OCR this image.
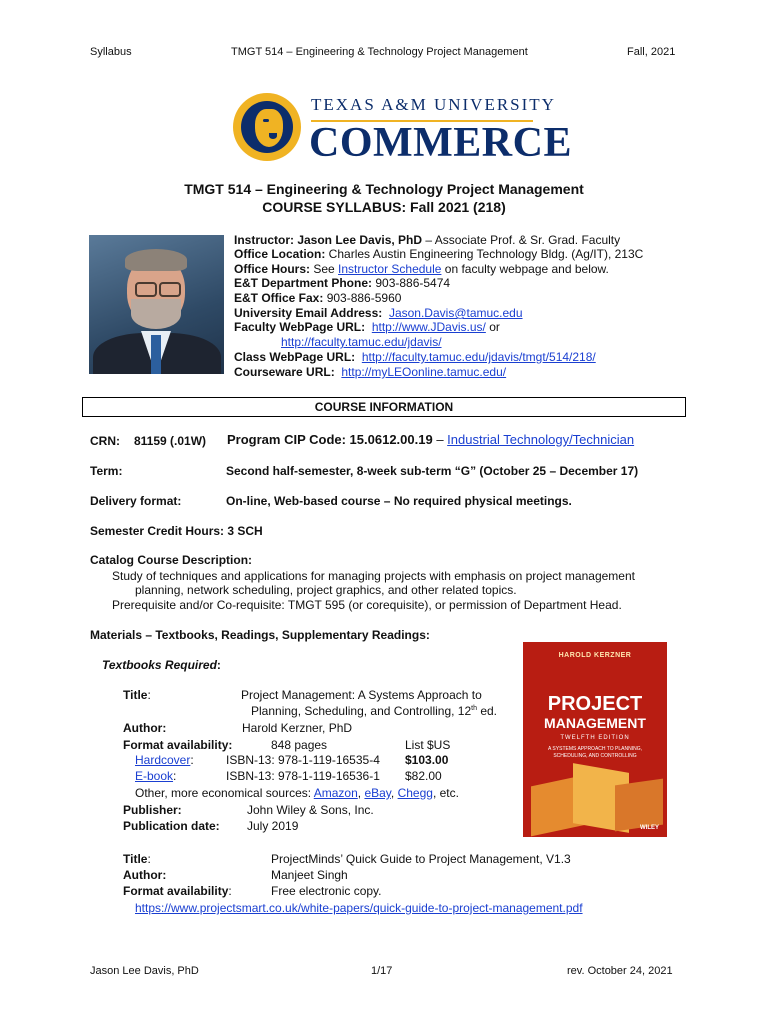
Syllabus	TMGT 514 – Engineering & Technology Project Management	Fall, 2021
TEXAS A&M UNIVERSITY
COMMERCE
TMGT 514 – Engineering & Technology Project Management
COURSE SYLLABUS: Fall 2021 (218)
Instructor: Jason Lee Davis, PhD – Associate Prof. & Sr. Grad. Faculty
Office Location: Charles Austin Engineering Technology Bldg. (Ag/IT), 213C
Office Hours: See Instructor Schedule on faculty webpage and below.
E&T Department Phone: 903-886-5474
E&T Office Fax: 903-886-5960
University Email Address: Jason.Davis@tamuc.edu
Faculty WebPage URL: http://www.JDavis.us/ or
http://faculty.tamuc.edu/jdavis/
Class WebPage URL: http://faculty.tamuc.edu/jdavis/tmgt/514/218/
Courseware URL: http://myLEOonline.tamuc.edu/
COURSE INFORMATION
CRN: 81159 (.01W) Program CIP Code: 15.0612.00.19 – Industrial Technology/Technician
Term:	Second half-semester, 8-week sub-term “G” (October 25 – December 17)
Delivery format:	On-line, Web-based course – No required physical meetings.
Semester Credit Hours: 3 SCH
Catalog Course Description:
Study of techniques and applications for managing projects with emphasis on project management
planning, network scheduling, project graphics, and other related topics.
Prerequisite and/or Co-requisite: TMGT 595 (or corequisite), or permission of Department Head.
Materials – Textbooks, Readings, Supplementary Readings:
Textbooks Required:
Title:	Project Management: A Systems Approach to
Planning, Scheduling, and Controlling, 12th ed.
Author:	Harold Kerzner, PhD
Format availability:	848 pages	List $US
Hardcover:	ISBN-13: 978-1-119-16535-4 $103.00
E-book:	ISBN-13: 978-1-119-16536-1 $82.00
Other, more economical sources: Amazon, eBay, Chegg, etc.
Publisher:	John Wiley & Sons, Inc.
Publication date: July 2019
HAROLD KERZNER
PROJECT
MANAGEMENT
TWELFTH EDITION
A SYSTEMS APPROACH TO PLANNING, SCHEDULING, AND CONTROLLING
WILEY
Title:	ProjectMinds’ Quick Guide to Project Management, V1.3
Author:	Manjeet Singh
Format availability:	Free electronic copy.
https://www.projectsmart.co.uk/white-papers/quick-guide-to-project-management.pdf
Jason Lee Davis, PhD	1/17	rev. October 24, 2021
